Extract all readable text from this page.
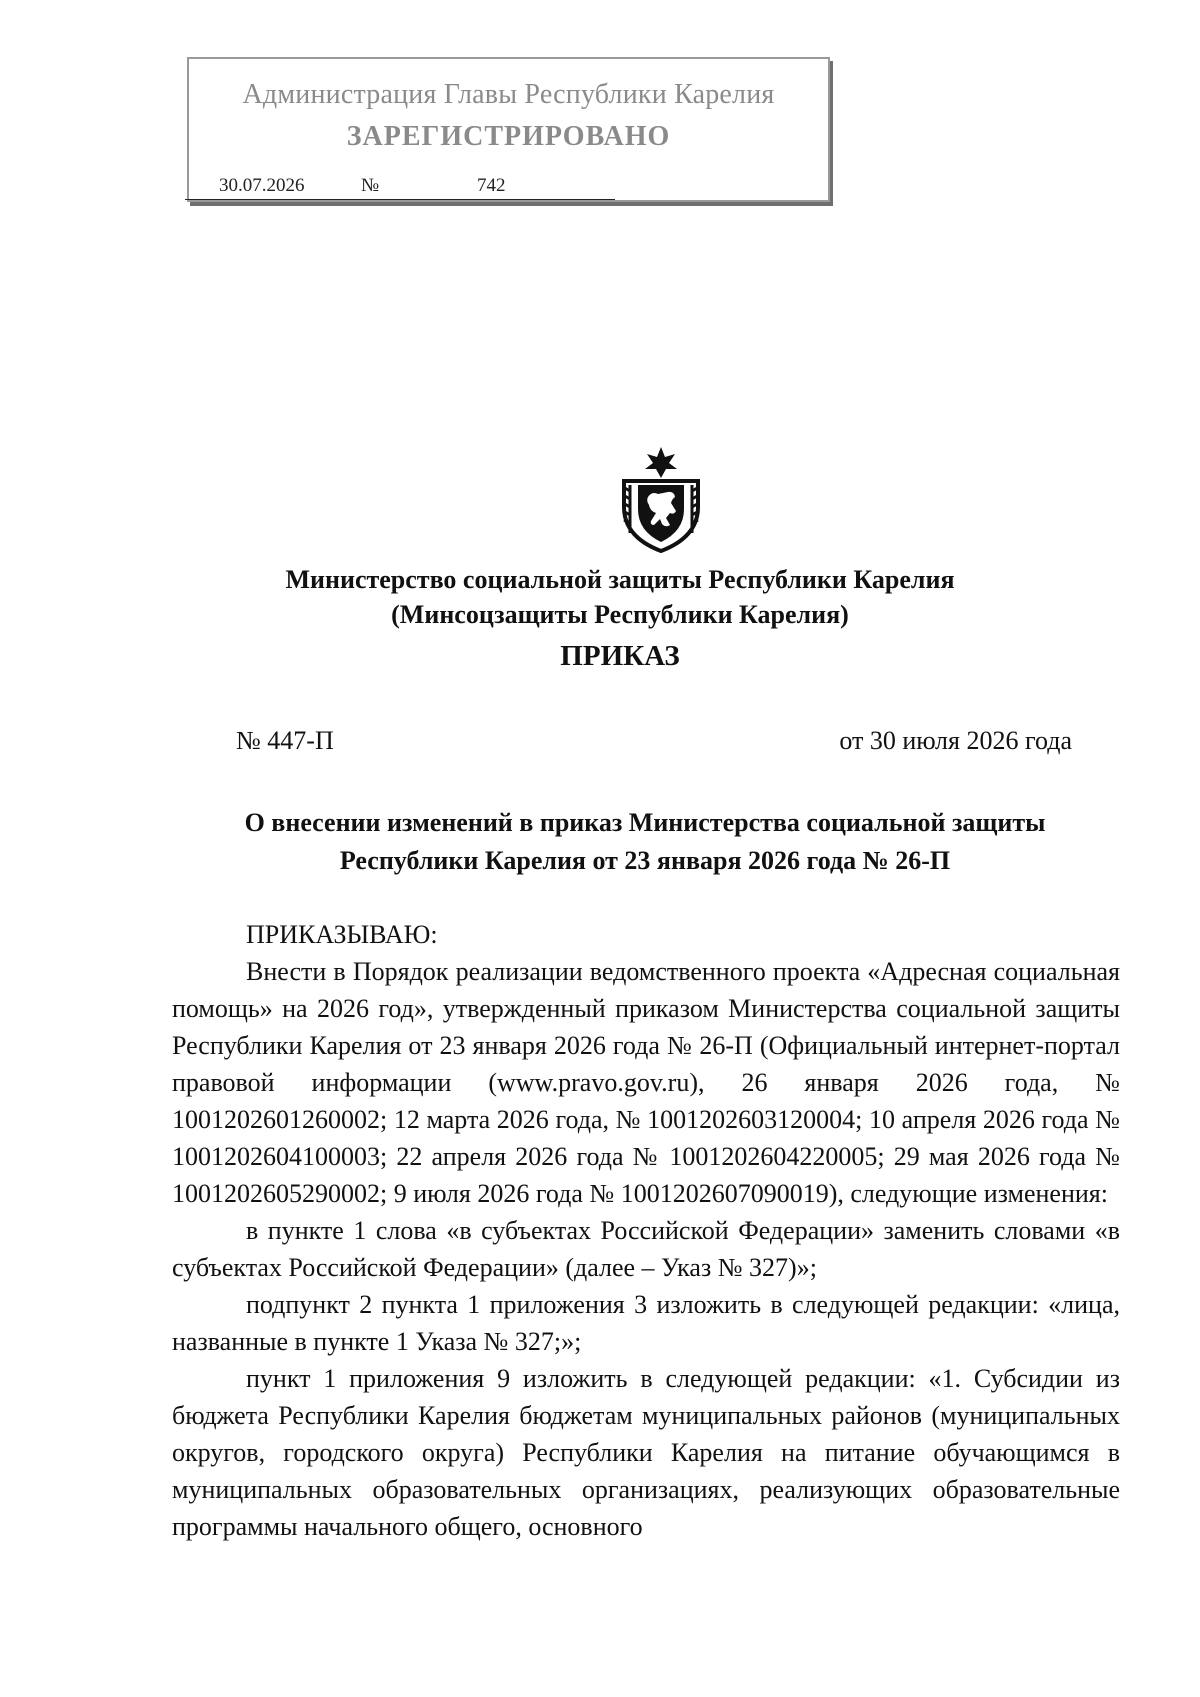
Администрация Главы Республики Карелия
ЗАРЕГИСТРИРОВАНО
30.07.2026	№	742
Министерство социальной защиты Республики Карелия
(Минсоцзащиты Республики Карелия)
ПРИКАЗ
№ 447-П	от 30 июля 2026 года
О внесении изменений в приказ Министерства социальной защиты
Республики Карелия от 23 января 2026 года № 26-П

ПРИКАЗЫВАЮ:

Внести в Порядок реализации ведомственного проекта «Адресная социальная помощь» на 2026 год», утвержденный приказом Министерства социальной защиты Республики Карелия от 23 января 2026 года № 26-П (Официальный интернет-портал правовой информации (www.pravo.gov.ru), 26 января 2026 года, № 1001202601260002; 12 марта 2026 года, № 1001202603120004; 10 апреля 2026 года № 1001202604100003; 22 апреля 2026 года № 1001202604220005; 29 мая 2026 года № 1001202605290002; 9 июля 2026 года № 1001202607090019), следующие изменения:

в пункте 1 слова «в субъектах Российской Федерации» заменить словами «в субъектах Российской Федерации» (далее – Указ № 327)»;

подпункт 2 пункта 1 приложения 3 изложить в следующей редакции: «лица, названные в пункте 1 Указа № 327;»;

пункт 1 приложения 9 изложить в следующей редакции: «1. Субсидии из бюджета Республики Карелия бюджетам муниципальных районов (муниципальных округов, городского округа) Республики Карелия на питание обучающимся в муниципальных образовательных организациях, реализующих образовательные программы начального общего, основного
